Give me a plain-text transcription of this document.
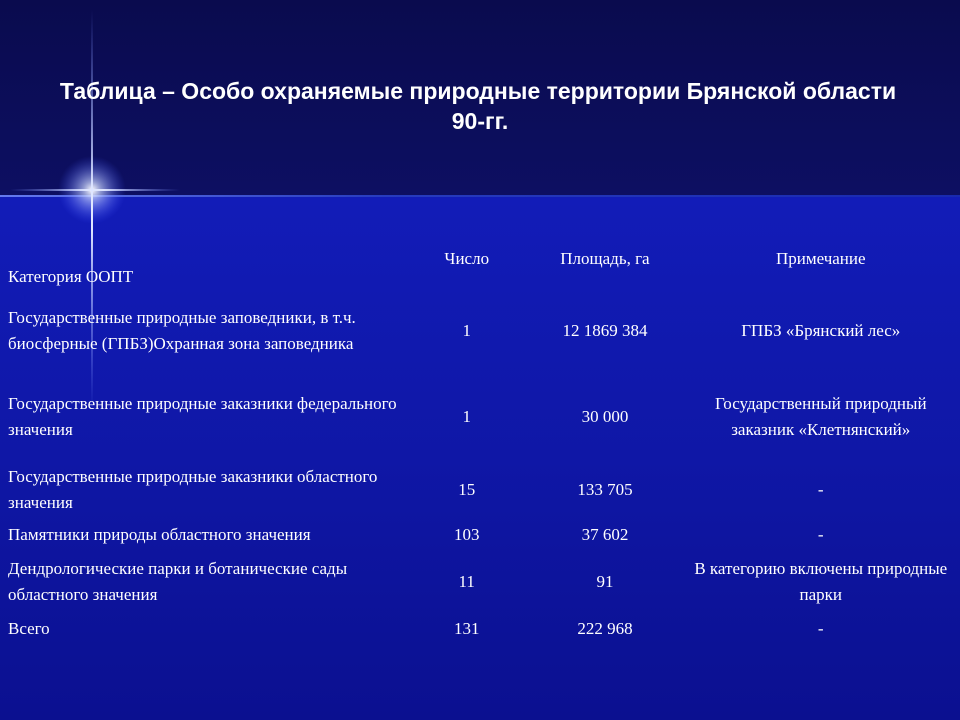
Таблица – Особо охраняемые природные территории Брянской области
90-гг.
Категория ООПТ	Число	Площадь, га	Примечание
Государственные природные заповедники, в т.ч. биосферные (ГПБЗ)Охранная зона заповедника	1	12 1869 384	ГПБЗ «Брянский лес»
Государственные природные заказники федерального значения	1	30 000	Государственный природный заказник «Клетнянский»
Государственные природные заказники областного значения	15	133 705	-
Памятники природы областного значения	103	37 602	-
Дендрологические парки и ботанические сады областного значения	11	91	В категорию включены природные парки
Всего	131	222 968	-
